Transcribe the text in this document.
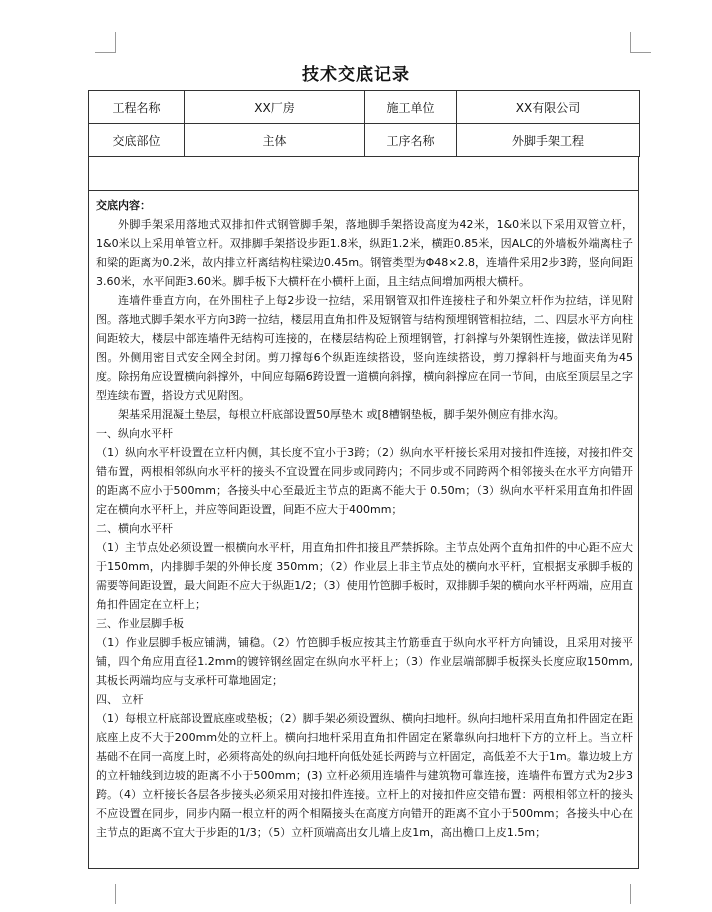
技术交底记录
工程名称	XX厂房	施工单位	XX有限公司
交底部位	主体	工序名称	外脚手架工程

交底内容：

外脚手架采用落地式双排扣件式钢管脚手架，落地脚手架搭设高度为42米，1&0米以下采用双管立杆，1&0米以上采用单管立杆。双排脚手架搭设步距1.8米，纵距1.2米，横距0.85米，因ALC的外墙板外端离柱子和梁的距离为0.2米，故内排立杆离结构柱梁边0.45m。钢管类型为Φ48×2.8，连墙件采用2步3跨，竖向间距3.60米，水平间距3.60米。脚手板下大横杆在小横杆上面，且主结点间增加两根大横杆。

连墙件垂直方向，在外围柱子上每2步设一拉结，采用钢管双扣件连接柱子和外架立杆作为拉结，详见附图。落地式脚手架水平方向3跨一拉结，楼层用直角扣件及短钢管与结构预埋钢管相拉结，二、四层水平方向柱间距较大，楼层中部连墙件无结构可连接的，在楼层结构砼上预埋钢管，打斜撑与外架钢性连接，做法详见附图。外侧用密目式安全网全封闭。剪刀撑每6个纵距连续搭设，竖向连续搭设，剪刀撑斜杆与地面夹角为45度。除拐角应设置横向斜撑外，中间应每隔6跨设置一道横向斜撑，横向斜撑应在同一节间，由底至顶层呈之字型连续布置，搭设方式见附图。

架基采用混凝土垫层，每根立杆底部设置50厚垫木 或[8槽钢垫板，脚手架外侧应有排水沟。

一、纵向水平杆

（1）纵向水平杆设置在立杆内侧，其长度不宜小于3跨；（2）纵向水平杆接长采用对接扣件连接，对接扣件交错布置，两根相邻纵向水平杆的接头不宜设置在同步或同跨内；不同步或不同跨两个相邻接头在水平方向错开的距离不应小于500mm；各接头中心至最近主节点的距离不能大于 0.50m；（3）纵向水平杆采用直角扣件固定在横向水平杆上，并应等间距设置，间距不应大于400mm；

二、横向水平杆

（1）主节点处必须设置一根横向水平杆，用直角扣件扣接且严禁拆除。主节点处两个直角扣件的中心距不应大于150mm，内排脚手架的外伸长度 350mm；（2）作业层上非主节点处的横向水平杆，宜根据支承脚手板的需要等间距设置，最大间距不应大于纵距1/2；（3）使用竹笆脚手板时，双排脚手架的横向水平杆两端，应用直角扣件固定在立杆上；

三、作业层脚手板

（1）作业层脚手板应铺满，铺稳。（2）竹笆脚手板应按其主竹筋垂直于纵向水平杆方向铺设，且采用对接平铺，四个角应用直径1.2mm的镀锌钢丝固定在纵向水平杆上；（3）作业层端部脚手板探头长度应取150mm,其板长两端均应与支承杆可靠地固定；

四、 立杆

（1）每根立杆底部设置底座或垫板；（2）脚手架必须设置纵、横向扫地杆。纵向扫地杆采用直角扣件固定在距底座上皮不大于200mm处的立杆上。横向扫地杆采用直角扣件固定在紧靠纵向扫地杆下方的立杆上。当立杆基础不在同一高度上时，必须将高处的纵向扫地杆向低处延长两跨与立杆固定，高低差不大于1m。靠边坡上方的立杆轴线到边坡的距离不小于500mm；(3) 立杆必须用连墙件与建筑物可靠连接，连墙件布置方式为2步3跨。（4）立杆接长各层各步接头必须采用对接扣件连接。立杆上的对接扣件应交错布置：两根相邻立杆的接头不应设置在同步，同步内隔一根立杆的两个相隔接头在高度方向错开的距离不宜小于500mm；各接头中心在主节点的距离不宜大于步距的1/3；（5）立杆顶端高出女儿墙上皮1m，高出檐口上皮1.5m；
